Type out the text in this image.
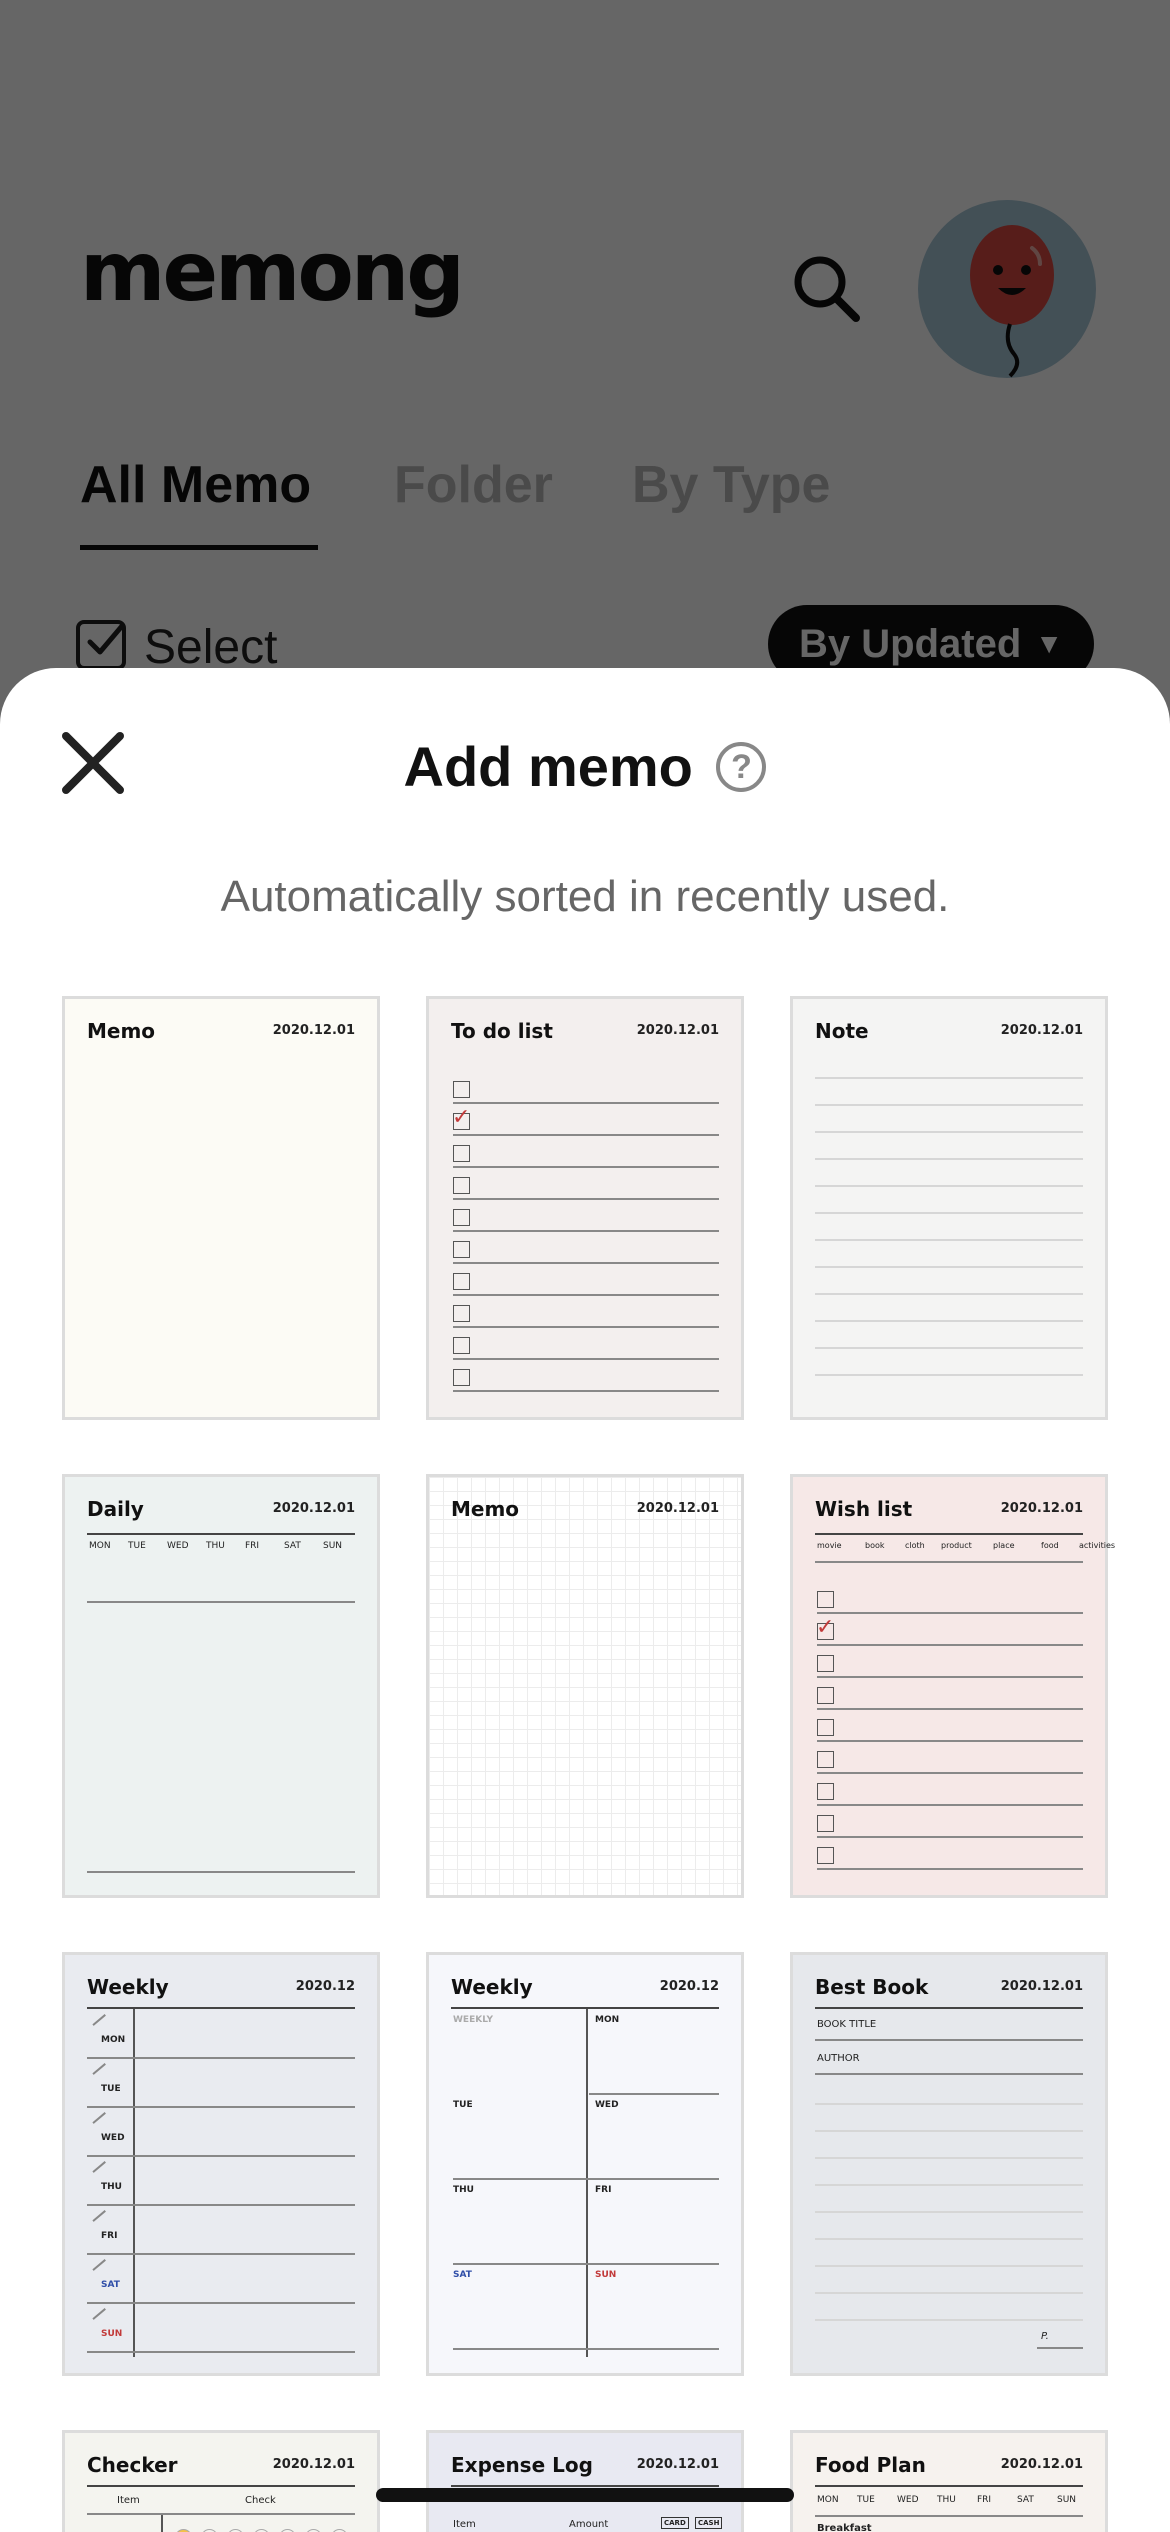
Add memo ?
Automatically sorted in recently used.
Memo	2020.12.01	To do list	2020.12.01
✓
Note	2020.12.01
Daily	2020.12.01
MON TUE WED THU FRI	SAT SUN
Memo	2020.12.01	Wish list	2020.12.01
movie	book	cloth product	place	food	activities
✓
Weekly	2020.12
MON
TUE
WED
THU
FRI
SAT
SUN
Weekly	2020.12
WEEKLY	MON
TUE	WED
THU	FRI
SAT	SUN
Best Book	2020.12.01
BOOK TITLE
AUTHOR
P.
Checker	2020.12.01
Item	Check
Expense Log	2020.12.01
Item	Amount	CARD	CASH
Food Plan	2020.12.01
MON TUE WED THU FRI	SAT	SUN
Breakfast
